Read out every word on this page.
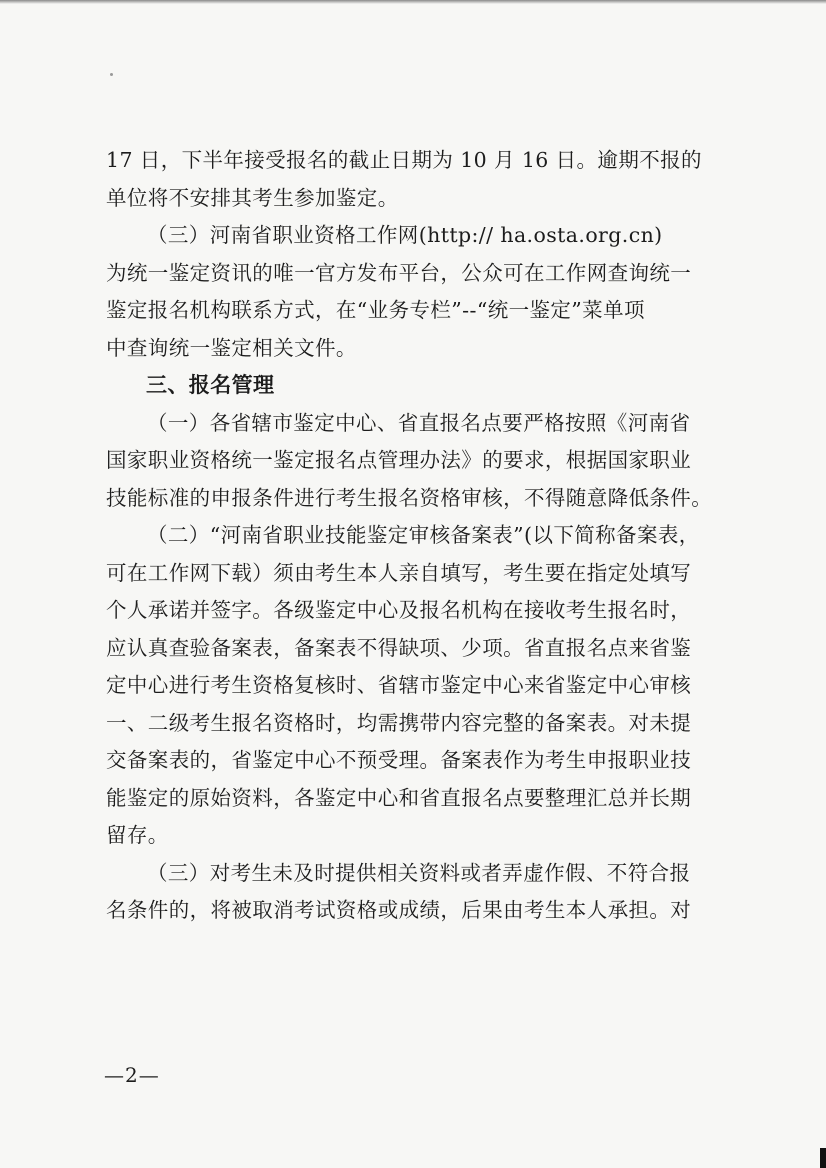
17 日，下半年接受报名的截止日期为 10 月 16 日。逾期不报的
单位将不安排其考生参加鉴定。
（三）河南省职业资格工作网(http:// ha.osta.org.cn)
为统一鉴定资讯的唯一官方发布平台，公众可在工作网查询统一
鉴定报名机构联系方式，在“业务专栏”--“统一鉴定”菜单项
中查询统一鉴定相关文件。
三、报名管理
（一）各省辖市鉴定中心、省直报名点要严格按照《河南省
国家职业资格统一鉴定报名点管理办法》的要求，根据国家职业
技能标准的申报条件进行考生报名资格审核，不得随意降低条件。
（二）“河南省职业技能鉴定审核备案表”(以下简称备案表，
可在工作网下载）须由考生本人亲自填写，考生要在指定处填写
个人承诺并签字。各级鉴定中心及报名机构在接收考生报名时，
应认真查验备案表，备案表不得缺项、少项。省直报名点来省鉴
定中心进行考生资格复核时、省辖市鉴定中心来省鉴定中心审核
一、二级考生报名资格时，均需携带内容完整的备案表。对未提
交备案表的，省鉴定中心不预受理。备案表作为考生申报职业技
能鉴定的原始资料，各鉴定中心和省直报名点要整理汇总并长期
留存。
（三）对考生未及时提供相关资料或者弄虚作假、不符合报
名条件的，将被取消考试资格或成绩，后果由考生本人承担。对
—2—
